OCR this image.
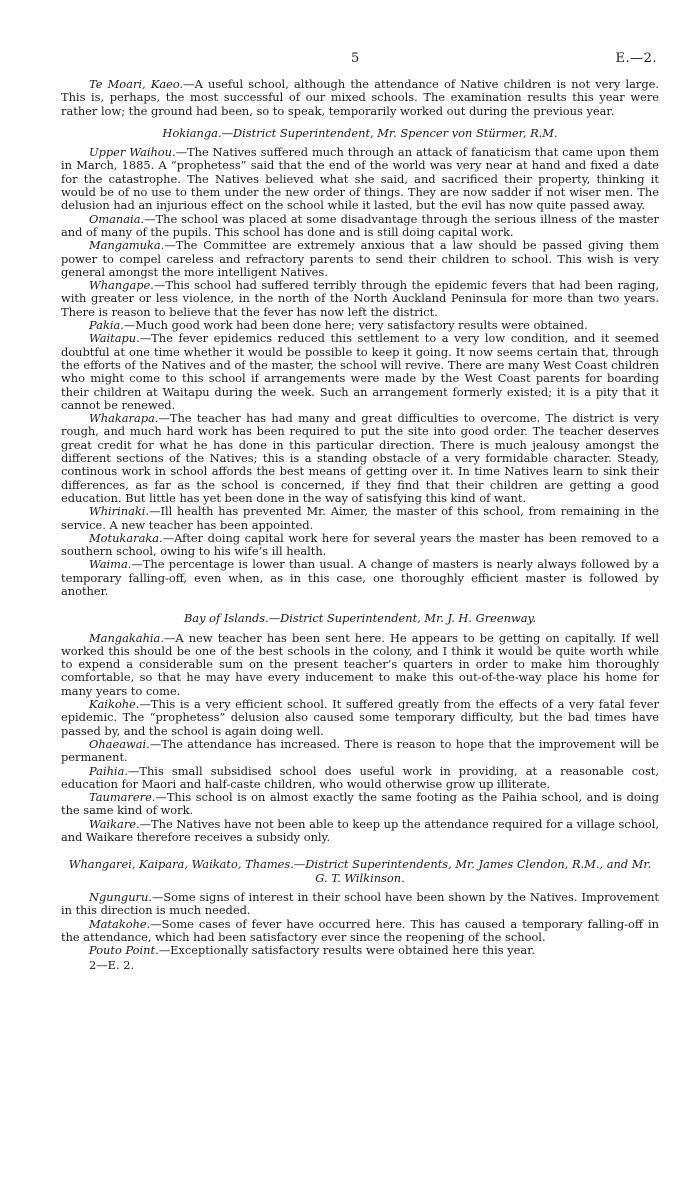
5	E.—2.

Te Moari, Kaeo.—A useful school, although the attendance of Native children is not very large. This is, perhaps, the most successful of our mixed schools. The examination results this year were rather low; the ground had been, so to speak, temporarily worked out during the previous year.

Hokianga.—District Superintendent, Mr. Spencer von Stürmer, R.M.

Upper Waihou.—The Natives suffered much through an attack of fanaticism that came upon them in March, 1885. A “prophetess” said that the end of the world was very near at hand and fixed a date for the catastrophe. The Natives believed what she said, and sacrificed their property, thinking it would be of no use to them under the new order of things. They are now sadder if not wiser men. The delusion had an injurious effect on the school while it lasted, but the evil has now quite passed away.

Omanaia.—The school was placed at some disadvantage through the serious illness of the master and of many of the pupils. This school has done and is still doing capital work.

Mangamuka.—The Committee are extremely anxious that a law should be passed giving them power to compel careless and refractory parents to send their children to school. This wish is very general amongst the more intelligent Natives.

Whangape.—This school had suffered terribly through the epidemic fevers that had been raging, with greater or less violence, in the north of the North Auckland Peninsula for more than two years. There is reason to believe that the fever has now left the district.

Pakia.—Much good work had been done here; very satisfactory results were obtained.

Waitapu.—The fever epidemics reduced this settlement to a very low condition, and it seemed doubtful at one time whether it would be possible to keep it going. It now seems certain that, through the efforts of the Natives and of the master, the school will revive. There are many West Coast children who might come to this school if arrangements were made by the West Coast parents for boarding their children at Waitapu during the week. Such an arrangement formerly existed; it is a pity that it cannot be renewed.

Whakarapa.—The teacher has had many and great difficulties to overcome. The district is very rough, and much hard work has been required to put the site into good order. The teacher deserves great credit for what he has done in this particular direction. There is much jealousy amongst the different sections of the Natives; this is a standing obstacle of a very formidable character. Steady, continous work in school affords the best means of getting over it. In time Natives learn to sink their differences, as far as the school is concerned, if they find that their children are getting a good education. But little has yet been done in the way of satisfying this kind of want.

Whirinaki.—Ill health has prevented Mr. Aimer, the master of this school, from remaining in the service. A new teacher has been appointed.

Motukaraka.—After doing capital work here for several years the master has been removed to a southern school, owing to his wife’s ill health.

Waima.—The percentage is lower than usual. A change of masters is nearly always followed by a temporary falling-off, even when, as in this case, one thoroughly efficient master is followed by another.

Bay of Islands.—District Superintendent, Mr. J. H. Greenway.

Mangakahia.—A new teacher has been sent here. He appears to be getting on capitally. If well worked this should be one of the best schools in the colony, and I think it would be quite worth while to expend a considerable sum on the present teacher’s quarters in order to make him thoroughly comfortable, so that he may have every inducement to make this out-of-the-way place his home for many years to come.

Kaikohe.—This is a very efficient school. It suffered greatly from the effects of a very fatal fever epidemic. The “prophetess” delusion also caused some temporary difficulty, but the bad times have passed by, and the school is again doing well.

Ohaeawai.—The attendance has increased. There is reason to hope that the improvement will be permanent.

Paihia.—This small subsidised school does useful work in providing, at a reasonable cost, education for Maori and half-caste children, who would otherwise grow up illiterate.

Taumarere.—This school is on almost exactly the same footing as the Paihia school, and is doing the same kind of work.

Waikare.—The Natives have not been able to keep up the attendance required for a village school, and Waikare therefore receives a subsidy only.

Whangarei, Kaipara, Waikato, Thames.—District Superintendents, Mr. James Clendon, R.M., and Mr. G. T. Wilkinson.

Ngunguru.—Some signs of interest in their school have been shown by the Natives. Improvement in this direction is much needed.

Matakohe.—Some cases of fever have occurred here. This has caused a temporary falling-off in the attendance, which had been satisfactory ever since the reopening of the school.

Pouto Point.—Exceptionally satisfactory results were obtained here this year.

2—E. 2.
